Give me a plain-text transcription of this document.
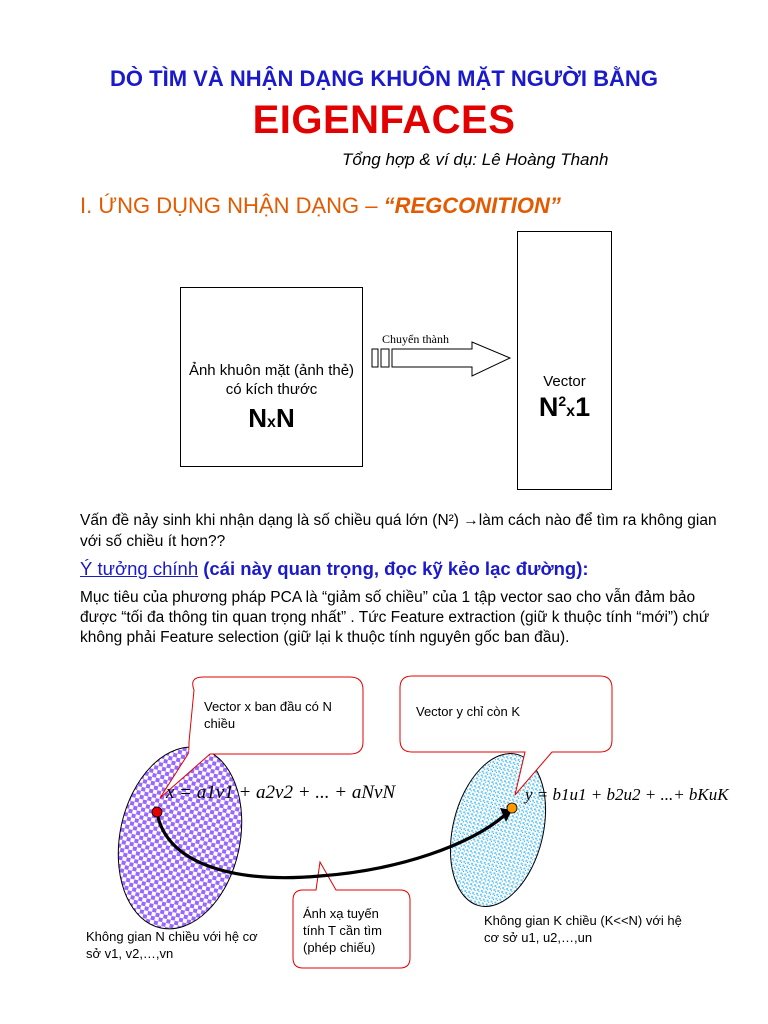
DÒ TÌM VÀ NHẬN DẠNG KHUÔN MẶT NGƯỜI BẰNG
EIGENFACES
Tổng hợp & ví dụ: Lê Hoàng Thanh
I. ỨNG DỤNG NHẬN DẠNG – “REGCONITION”
Ảnh khuôn mặt (ảnh thẻ) có kích thước
NxN
Vector
$N^2x1$
Chuyển thành
Vấn đề nảy sinh khi nhận dạng là số chiều quá lớn (N²) →làm cách nào để tìm ra không gian với số chiều ít hơn??
Ý tưởng chính (cái này quan trọng, đọc kỹ kẻo lạc đường):
Mục tiêu của phương pháp PCA là “giảm số chiều” của 1 tập vector sao cho vẫn đảm bảo được “tối đa thông tin quan trọng nhất” . Tức Feature extraction (giữ k thuộc tính “mới”) chứ không phải Feature selection (giữ lại k thuộc tính nguyên gốc ban đầu).
Vector x ban đầu có N chiều
Vector y chỉ còn K
Ánh xạ tuyến tính T cần tìm (phép chiếu)
x = a1v1 + a2v2 + ... + aNvN	y = b1u1 + b2u2 + ...+ bKuK
Không gian N chiều với hệ cơ sở v1, v2,…,vn
Không gian K chiều (K<<N) với hệ cơ sở u1, u2,…,un
